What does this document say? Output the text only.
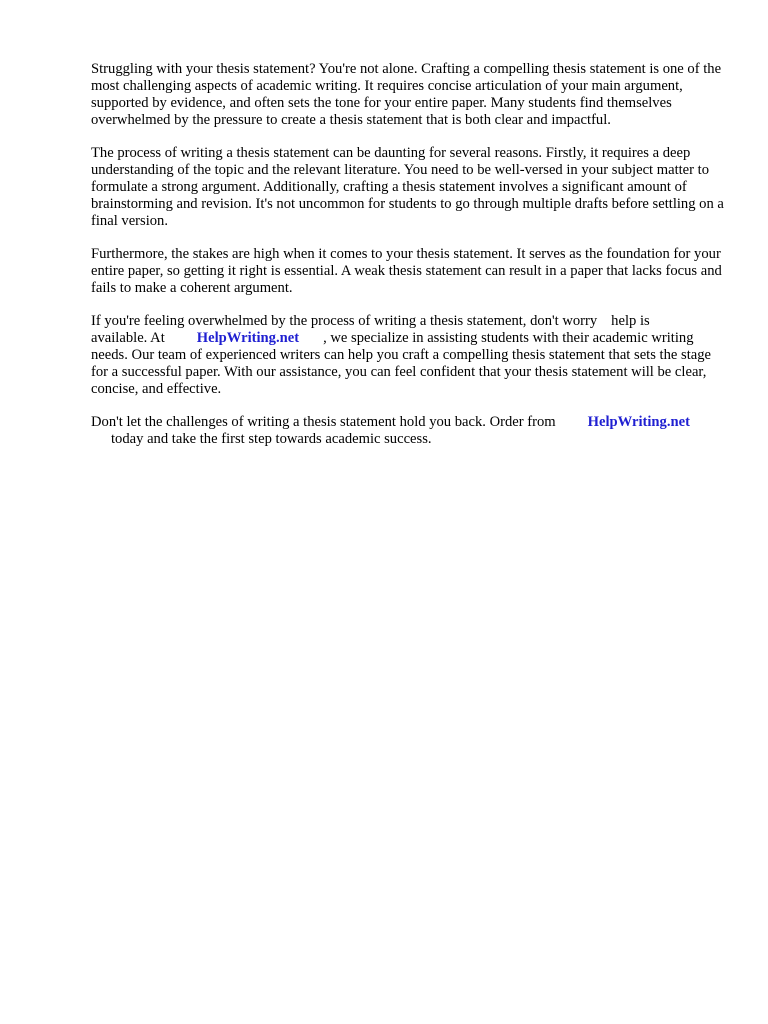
Struggling with your thesis statement? You're not alone. Crafting a compelling thesis statement is one of the most challenging aspects of academic writing. It requires concise articulation of your main argument, supported by evidence, and often sets the tone for your entire paper. Many students find themselves overwhelmed by the pressure to create a thesis statement that is both clear and impactful.

The process of writing a thesis statement can be daunting for several reasons. Firstly, it requires a deep understanding of the topic and the relevant literature. You need to be well-versed in your subject matter to formulate a strong argument. Additionally, crafting a thesis statement involves a significant amount of brainstorming and revision. It's not uncommon for students to go through multiple drafts before settling on a final version.

Furthermore, the stakes are high when it comes to your thesis statement. It serves as the foundation for your entire paper, so getting it right is essential. A weak thesis statement can result in a paper that lacks focus and fails to make a coherent argument.

If you're feeling overwhelmed by the process of writing a thesis statement, don't worry help is
available. At HelpWriting.net , we specialize in assisting students with their academic writing
needs. Our team of experienced writers can help you craft a compelling thesis statement that sets the stage for a successful paper. With our assistance, you can feel confident that your thesis statement will be clear, concise, and effective.

Don't let the challenges of writing a thesis statement hold you back. Order from HelpWriting.net
today and take the first step towards academic success.
